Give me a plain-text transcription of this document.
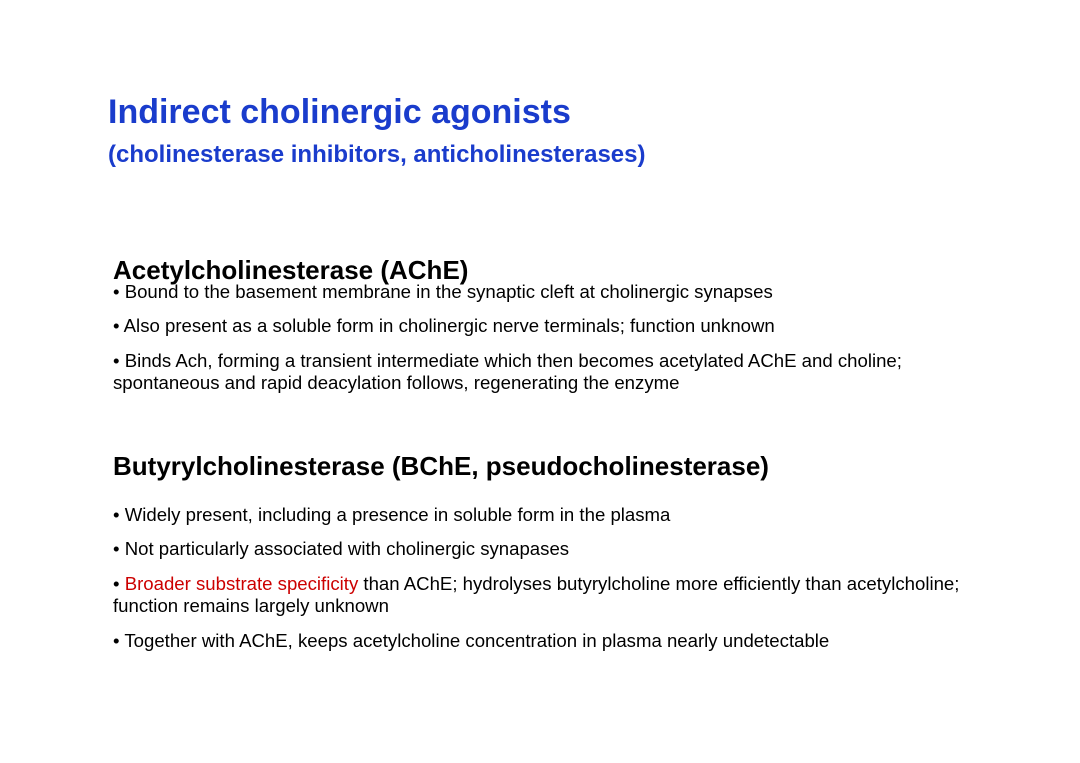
Indirect cholinergic agonists
(cholinesterase inhibitors, anticholinesterases)
Acetylcholinesterase (AChE)
• Bound to the basement membrane in the synaptic cleft at cholinergic synapses
• Also present as a soluble form in cholinergic nerve terminals; function unknown
• Binds Ach, forming a transient intermediate which then becomes acetylated AChE and choline; spontaneous and rapid deacylation follows, regenerating the enzyme
Butyrylcholinesterase (BChE, pseudocholinesterase)
• Widely present, including a presence in soluble form in the plasma
• Not particularly associated with cholinergic synapases
• Broader substrate specificity than AChE; hydrolyses butyrylcholine more efficiently than acetylcholine; function remains largely unknown
• Together with AChE, keeps acetylcholine concentration in plasma nearly undetectable
